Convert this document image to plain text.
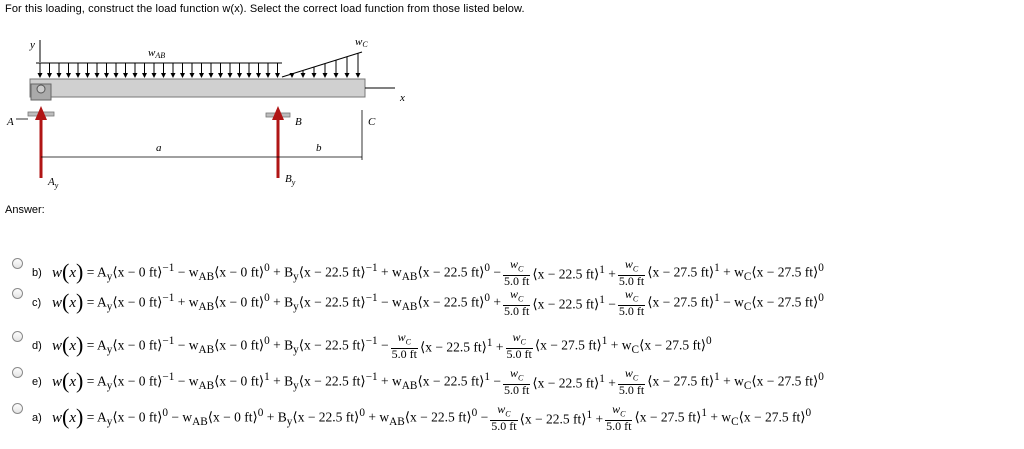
For this loading, construct the load function w(x). Select the correct load function from those listed below.
y
wAB
wC
x
A
$A_y$
B
$B_y$
C
a	b
Answer:
b) w ( x ) = $A_y⟨x - 0$ ft⟩$^{-1}$ − $w_{AB}⟨x - 0$ ft⟩$^0$ + $B_y⟨x - 22.5$ ft⟩$^{-1}$ + $w_{AB}⟨x - 22.5$ ft⟩$^0$ − $\frac{w_C}{5.0 ft}$ ⟨x − 22.5 ft⟩$^1$ + $\frac{w_C}{5.0 ft}$ ⟨x − 27.5 ft⟩$^1$ + $w_C⟨x - 27.5$ ft⟩$^0$
c) w ( x ) = $A_y⟨x - 0$ ft⟩$^{-1}$ + $w_{AB}⟨x - 0$ ft⟩$^0$ + $B_y⟨x - 22.5$ ft⟩$^{-1}$ − $w_{AB}⟨x - 22.5$ ft⟩$^0$ + $\frac{w_C}{5.0 ft}$ ⟨x − 22.5 ft⟩$^1$ − $\frac{w_C}{5.0 ft}$ ⟨x − 27.5 ft⟩$^1$ − $w_C⟨x - 27.5$ ft⟩$^0$
d) w ( x ) = $A_y⟨x - 0$ ft⟩$^{-1}$ − $w_{AB}⟨x - 0$ ft⟩$^0$ + $B_y⟨x - 22.5$ ft⟩$^{-1}$ − $\frac{w_C}{5.0 ft}$ ⟨x − 22.5 ft⟩$^1$ + $\frac{w_C}{5.0 ft}$ ⟨x − 27.5 ft⟩$^1$ + $w_C⟨x - 27.5$ ft⟩$^0$
e) w ( x ) = $A_y⟨x - 0$ ft⟩$^{-1}$ − $w_{AB}⟨x - 0$ ft⟩$^1$ + $B_y⟨x - 22.5$ ft⟩$^{-1}$ + $w_{AB}⟨x - 22.5$ ft⟩$^1$ − $\frac{w_C}{5.0 ft}$ ⟨x − 22.5 ft⟩$^1$ + $\frac{w_C}{5.0 ft}$ ⟨x − 27.5 ft⟩$^1$ + $w_C⟨x - 27.5$ ft⟩$^0$
a) w ( x ) = $A_y⟨x - 0$ ft⟩$^0$ − $w_{AB}⟨x - 0$ ft⟩$^0$ + $B_y⟨x - 22.5$ ft⟩$^0$ + $w_{AB}⟨x - 22.5$ ft⟩$^0$ − $\frac{w_C}{5.0 ft}$ ⟨x − 22.5 ft⟩$^1$ + $\frac{w_C}{5.0 ft}$ ⟨x − 27.5 ft⟩$^1$ + $w_C⟨x - 27.5$ ft⟩$^0$
